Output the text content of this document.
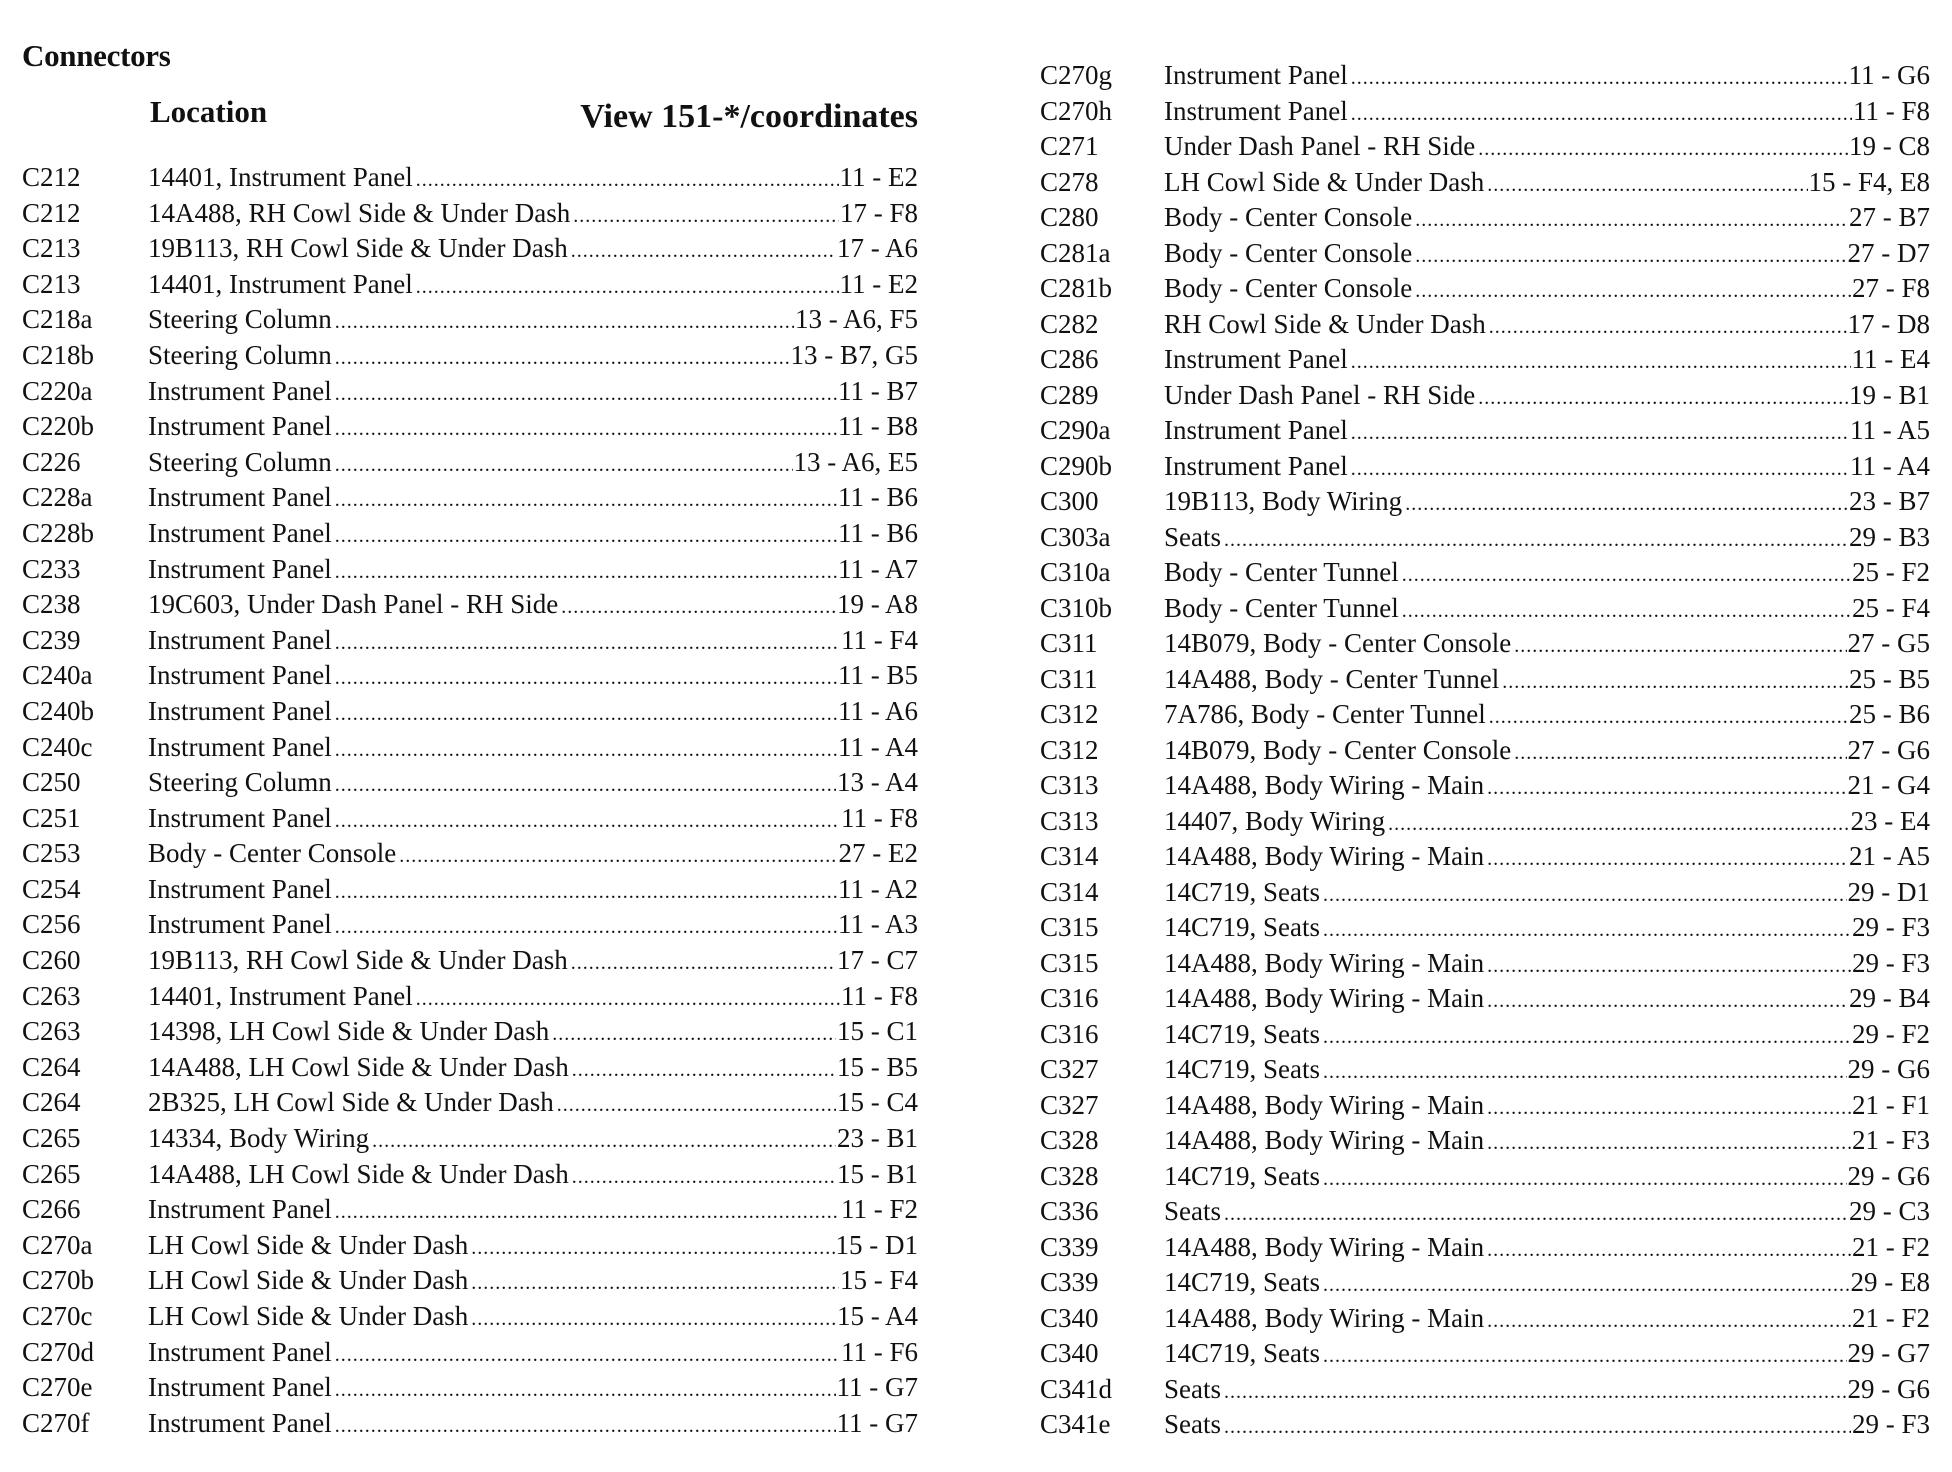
Connectors
Location	View 151-*/coordinates
C212	14401, Instrument Panel .....	11 - E2
C212	14A488, RH Cowl Side & Under Dash .....	17 - F8
C213	19B113, RH Cowl Side & Under Dash .....	17 - A6
C213	14401, Instrument Panel .....	11 - E2
C218a	Steering Column .....	13 - A6, F5
C218b	Steering Column .....	13 - B7, G5
C220a	Instrument Panel .....	11 - B7
C220b	Instrument Panel .....	11 - B8
C226	Steering Column .....	13 - A6, E5
C228a	Instrument Panel .....	11 - B6
C228b	Instrument Panel .....	11 - B6
C233	Instrument Panel .....	11 - A7
C238	19C603, Under Dash Panel - RH Side .....	19 - A8
C239	Instrument Panel .....	11 - F4
C240a	Instrument Panel .....	11 - B5
C240b	Instrument Panel .....	11 - A6
C240c	Instrument Panel .....	11 - A4
C250	Steering Column .....	13 - A4
C251	Instrument Panel .....	11 - F8
C253	Body - Center Console .....	27 - E2
C254	Instrument Panel .....	11 - A2
C256	Instrument Panel .....	11 - A3
C260	19B113, RH Cowl Side & Under Dash .....	17 - C7
C263	14401, Instrument Panel .....	11 - F8
C263	14398, LH Cowl Side & Under Dash .....	15 - C1
C264	14A488, LH Cowl Side & Under Dash .....	15 - B5
C264	2B325, LH Cowl Side & Under Dash .....	15 - C4
C265	14334, Body Wiring .....	23 - B1
C265	14A488, LH Cowl Side & Under Dash .....	15 - B1
C266	Instrument Panel .....	11 - F2
C270a	LH Cowl Side & Under Dash .....	15 - D1
C270b	LH Cowl Side & Under Dash .....	15 - F4
C270c	LH Cowl Side & Under Dash .....	15 - A4
C270d	Instrument Panel .....	11 - F6
C270e	Instrument Panel .....	11 - G7
C270f	Instrument Panel .....	11 - G7
C270g	Instrument Panel .....	11 - G6
C270h	Instrument Panel .....	11 - F8
C271	Under Dash Panel - RH Side .....	19 - C8
C278	LH Cowl Side & Under Dash .....	15 - F4, E8
C280	Body - Center Console .....	27 - B7
C281a	Body - Center Console .....	27 - D7
C281b	Body - Center Console .....	27 - F8
C282	RH Cowl Side & Under Dash .....	17 - D8
C286	Instrument Panel .....	11 - E4
C289	Under Dash Panel - RH Side .....	19 - B1
C290a	Instrument Panel .....	11 - A5
C290b	Instrument Panel .....	11 - A4
C300	19B113, Body Wiring .....	23 - B7
C303a	Seats .....	29 - B3
C310a	Body - Center Tunnel .....	25 - F2
C310b	Body - Center Tunnel .....	25 - F4
C311	14B079, Body - Center Console .....	27 - G5
C311	14A488, Body - Center Tunnel .....	25 - B5
C312	7A786, Body - Center Tunnel .....	25 - B6
C312	14B079, Body - Center Console .....	27 - G6
C313	14A488, Body Wiring - Main .....	21 - G4
C313	14407, Body Wiring .....	23 - E4
C314	14A488, Body Wiring - Main .....	21 - A5
C314	14C719, Seats .....	29 - D1
C315	14C719, Seats .....	29 - F3
C315	14A488, Body Wiring - Main .....	29 - F3
C316	14A488, Body Wiring - Main .....	29 - B4
C316	14C719, Seats .....	29 - F2
C327	14C719, Seats .....	29 - G6
C327	14A488, Body Wiring - Main .....	21 - F1
C328	14A488, Body Wiring - Main .....	21 - F3
C328	14C719, Seats .....	29 - G6
C336	Seats .....	29 - C3
C339	14A488, Body Wiring - Main .....	21 - F2
C339	14C719, Seats .....	29 - E8
C340	14A488, Body Wiring - Main .....	21 - F2
C340	14C719, Seats .....	29 - G7
C341d	Seats .....	29 - G6
C341e	Seats .....	29 - F3
